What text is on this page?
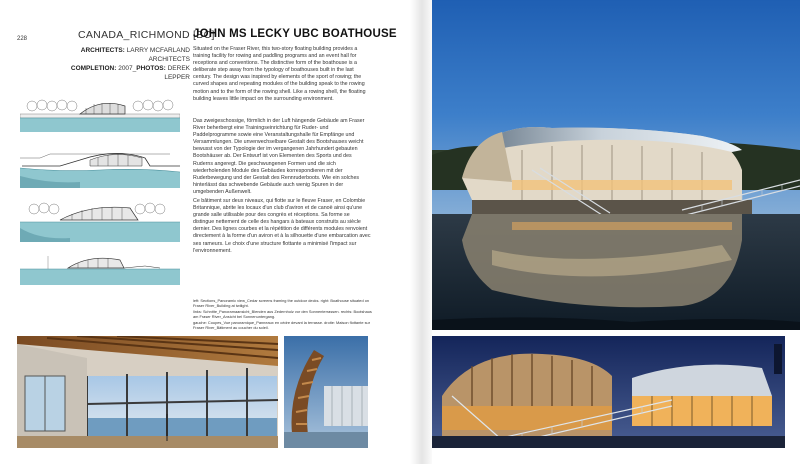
228	CANADA_RICHMOND [BC]
JOHN MS LECKY UBC BOATHOUSE
ARCHITECTS: LARRY MCFARLAND ARCHITECTS
COMPLETION: 2007_PHOTOS: DEREK LEPPER
Situated on the Fraser River, this two-story floating building provides a training facility for rowing and paddling programs and an event hall for receptions and conventions. The distinctive form of the boathouse is a deliberate step away from the typology of boathouses built in the last century. The design was inspired by elements of the sport of rowing; the curved shapes and repeating modules of the building speak to the rowing motion and to the form of the rowing shell. Like a rowing shell, the floating building leaves little impact on the surrounding environment.
Das zweigeschossige, förmlich in der Luft hängende Gebäude am Fraser River beherbergt eine Trainingseinrichtung für Ruder- und Paddelprogramme sowie eine Veranstaltungshalle für Empfänge und Versammlungen. Die unverwechselbare Gestalt des Bootshauses weicht bewusst von der Typologie der im vergangenen Jahrhundert gebauten Bootshäuser ab. Der Entwurf ist von Elementen des Sports und des Ruderns angeregt. Die geschwungenen Formen und die sich wiederholenden Module des Gebäudes korrespondieren mit der Ruderbewegung und der Gestalt des Rennruderboots. Wie ein solches hinterlässt das schwebende Gebäude auch wenig Spuren in der umgebenden Außenwelt.
Ce bâtiment sur deux niveaux, qui flotte sur le fleuve Fraser, en Colombie Britannique, abrite les locaux d'un club d'aviron et de canoë ainsi qu'une grande salle utilisable pour des congrès et réceptions. Sa forme se distingue nettement de celle des hangars à bateaux construits au siècle dernier. Des lignes courbes et la répétition de différents modules renvoient directement à la forme d'un aviron et à la silhouette d'une embarcation avec ses rameurs. Le choix d'une structure flottante a minimisé l'impact sur l'environnement.
left: Sections_Panoramic view_Cedar screens framing the outdoor decks. right: Boathouse situated on Fraser River_Building at twilight.
links: Schnitte_Panoramaansicht_Blenden aus Zedernholz vor den Sonnenterrassen. rechts: Bootshaus am Fraser River_Ansicht bei Sonnenuntergang.
gauche: Coupes_Vue panoramique_Panneaux en cèdre devant la terrasse. droite: Maison flottante sur Fraser River_Bâtiment au coucher du soleil.
